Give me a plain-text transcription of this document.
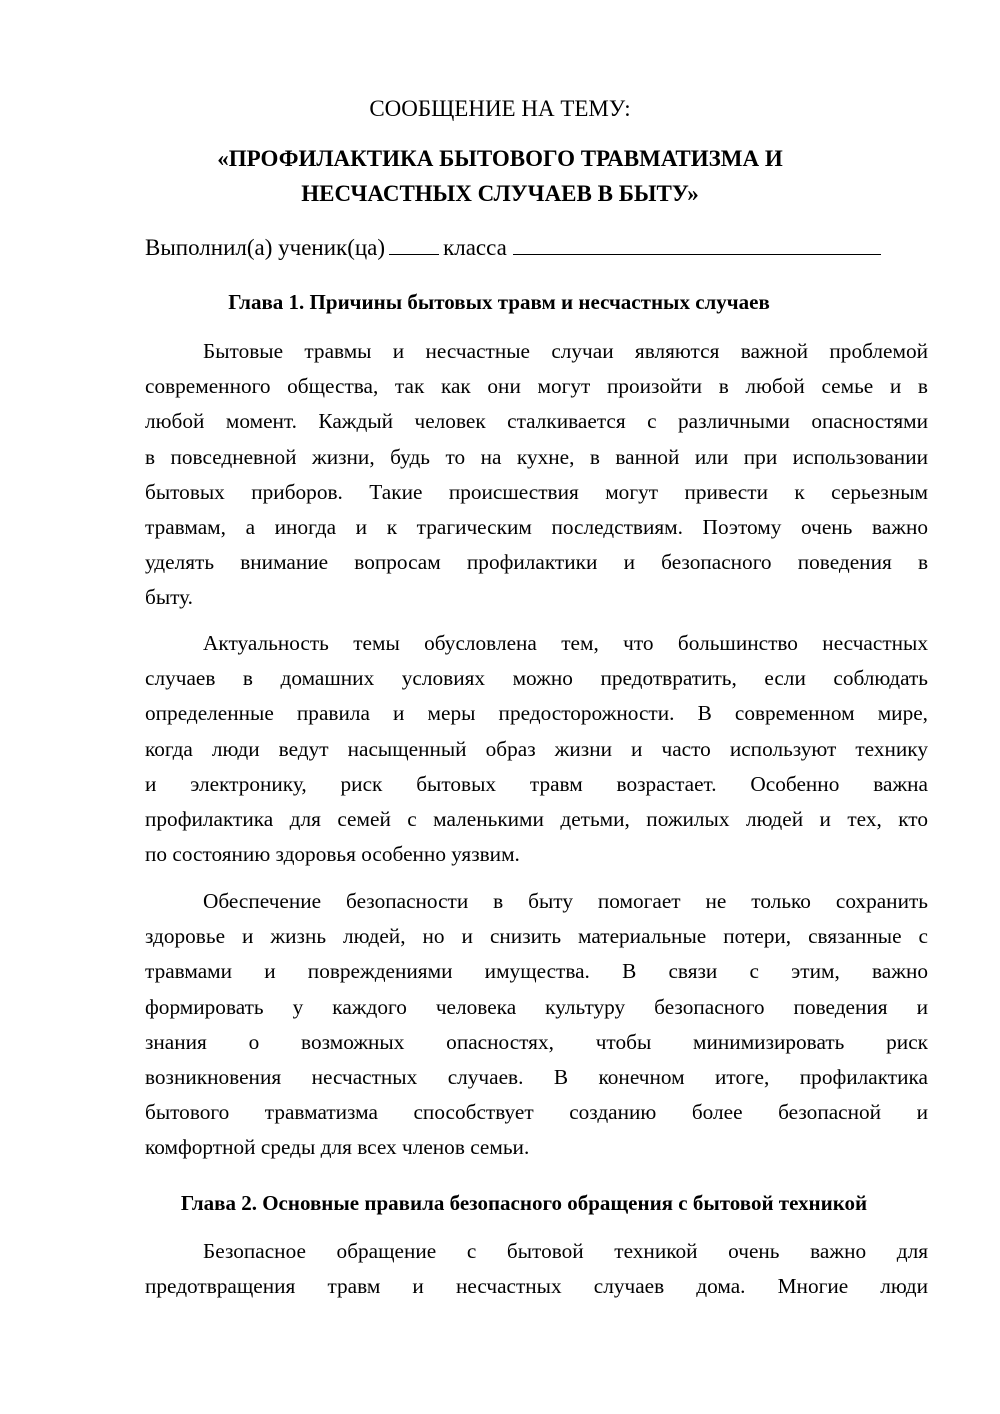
СООБЩЕНИЕ НА ТЕМУ:
«ПРОФИЛАКТИКА БЫТОВОГО ТРАВМАТИЗМА И
НЕСЧАСТНЫХ СЛУЧАЕВ В БЫТУ»
Выполнил(а) ученик(ца)	класса
Глава 1. Причины бытовых травм и несчастных случаев
Бытовые травмы и несчастные случаи являются важной проблемой
современного общества, так как они могут произойти в любой семье и в
любой момент. Каждый человек сталкивается с различными опасностями
в повседневной жизни, будь то на кухне, в ванной или при использовании
бытовых приборов. Такие происшествия могут привести к серьезным
травмам, а иногда и к трагическим последствиям. Поэтому очень важно
уделять внимание вопросам профилактики и безопасного поведения в
быту.
Актуальность темы обусловлена тем, что большинство несчастных
случаев в домашних условиях можно предотвратить, если соблюдать
определенные правила и меры предосторожности. В современном мире,
когда люди ведут насыщенный образ жизни и часто используют технику
и электронику, риск бытовых травм возрастает. Особенно важна
профилактика для семей с маленькими детьми, пожилых людей и тех, кто
по состоянию здоровья особенно уязвим.
Обеспечение безопасности в быту помогает не только сохранить
здоровье и жизнь людей, но и снизить материальные потери, связанные с
травмами и повреждениями имущества. В связи с этим, важно
формировать у каждого человека культуру безопасного поведения и
знания о возможных опасностях, чтобы минимизировать риск
возникновения несчастных случаев. В конечном итоге, профилактика
бытового травматизма способствует созданию более безопасной и
комфортной среды для всех членов семьи.
Глава 2. Основные правила безопасного обращения с бытовой техникой
Безопасное обращение с бытовой техникой очень важно для
предотвращения травм и несчастных случаев дома. Многие люди
